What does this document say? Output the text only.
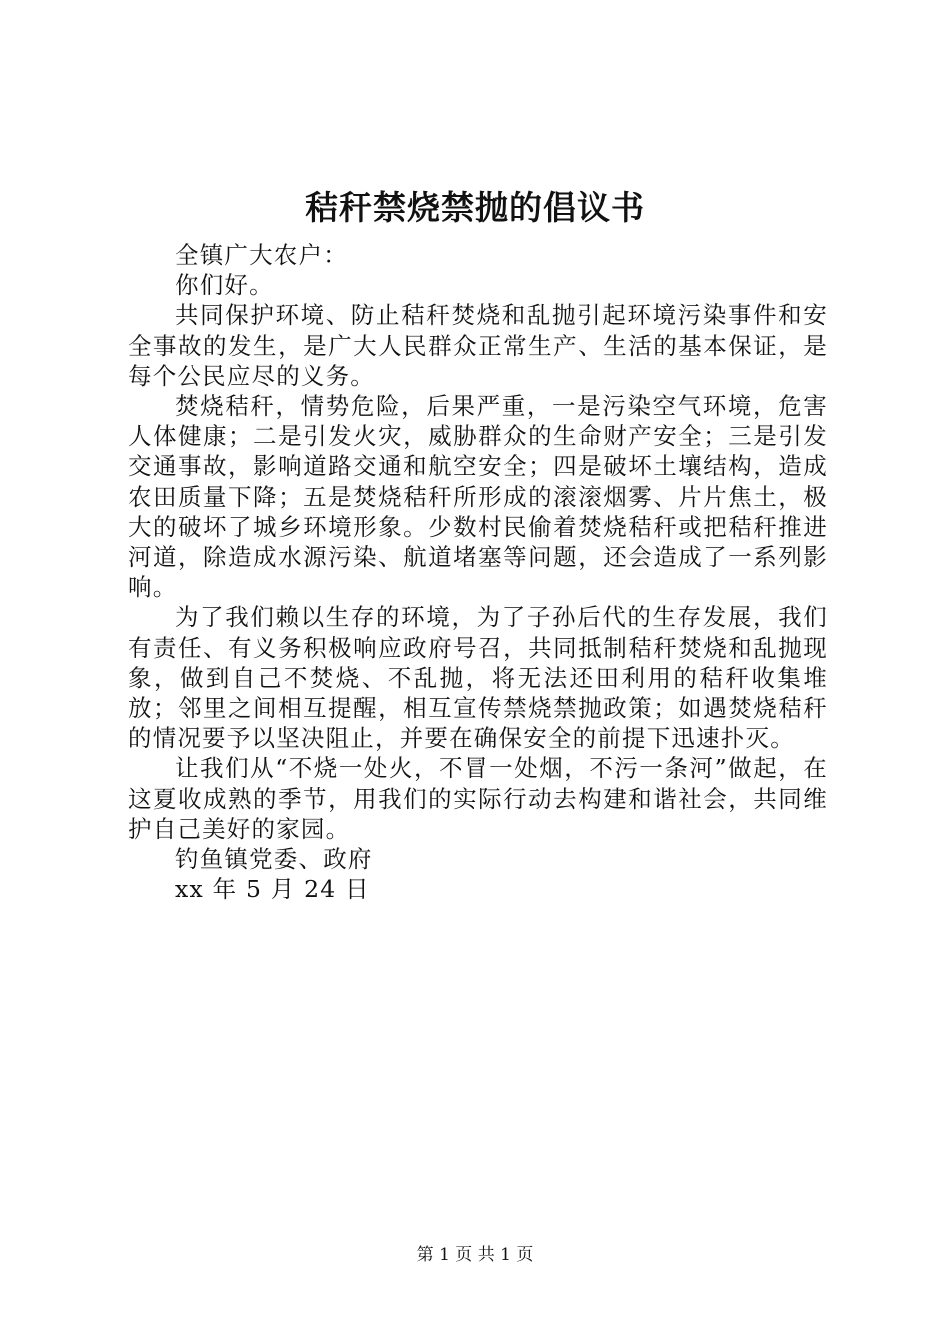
秸秆禁烧禁抛的倡议书

全镇广大农户：

你们好。

共同保护环境、防止秸秆焚烧和乱抛引起环境污染事件和安全事故的发生，是广大人民群众正常生产、生活的基本保证，是每个公民应尽的义务。

焚烧秸秆，情势危险，后果严重，一是污染空气环境，危害人体健康；二是引发火灾，威胁群众的生命财产安全；三是引发交通事故，影响道路交通和航空安全；四是破坏土壤结构，造成农田质量下降；五是焚烧秸秆所形成的滚滚烟雾、片片焦土，极大的破坏了城乡环境形象。少数村民偷着焚烧秸秆或把秸秆推进河道，除造成水源污染、航道堵塞等问题，还会造成了一系列影响。

为了我们赖以生存的环境，为了子孙后代的生存发展，我们有责任、有义务积极响应政府号召，共同抵制秸秆焚烧和乱抛现象，做到自己不焚烧、不乱抛，将无法还田利用的秸秆收集堆放；邻里之间相互提醒，相互宣传禁烧禁抛政策；如遇焚烧秸秆的情况要予以坚决阻止，并要在确保安全的前提下迅速扑灭。

让我们从“不烧一处火，不冒一处烟，不污一条河”做起，在这夏收成熟的季节，用我们的实际行动去构建和谐社会，共同维护自己美好的家园。

钓鱼镇党委、政府

xx 年 5 月 24 日

第 1 页 共 1 页
